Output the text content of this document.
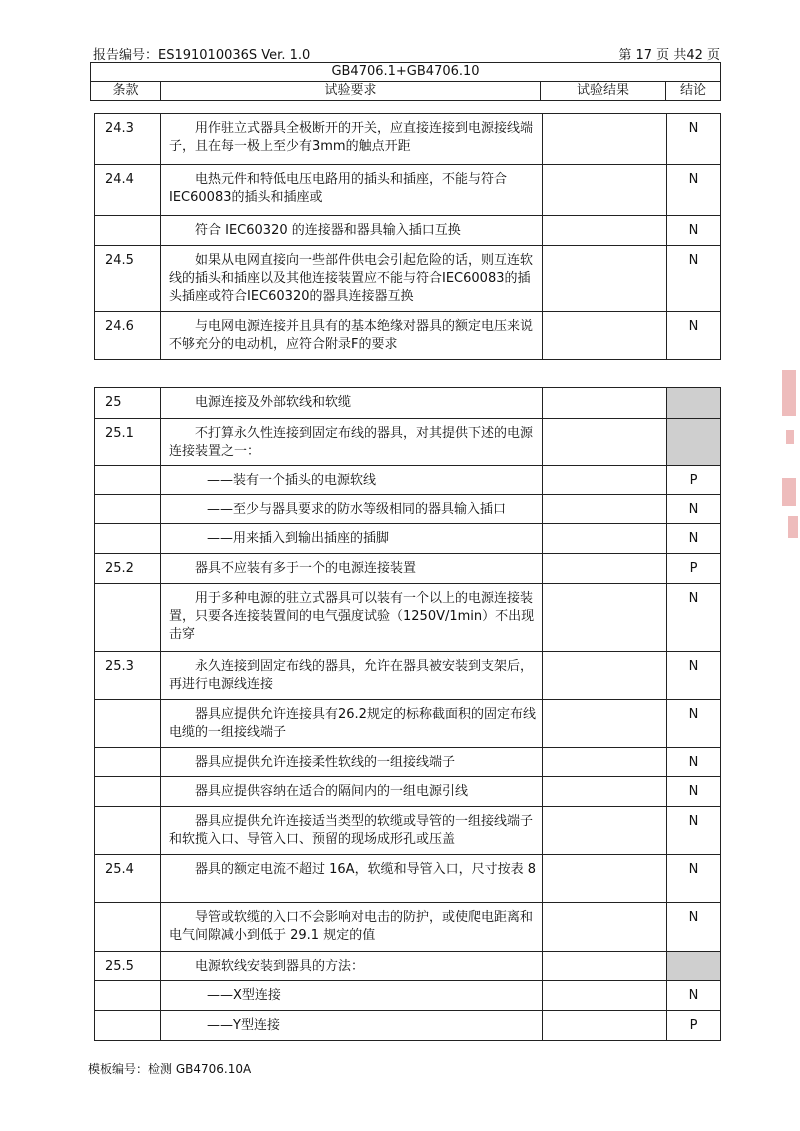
报告编号：ES191010036S Ver. 1.0	第 17 页 共42 页
GB4706.1+GB4706.10
条款	试验要求	试验结果	结论
24.3	用作驻立式器具全极断开的开关，应直接连接到电源接线端子，且在每一极上至少有3mm的触点开距		N
24.4	电热元件和特低电压电路用的插头和插座，不能与符合IEC60083的插头和插座或		N

	符合 IEC60320 的连接器和器具输入插口互换		N
24.5	如果从电网直接向一些部件供电会引起危险的话，则互连软线的插头和插座以及其他连接装置应不能与符合IEC60083的插头插座或符合IEC60320的器具连接器互换		N
24.6	与电网电源连接并且具有的基本绝缘对器具的额定电压来说不够充分的电动机，应符合附录F的要求		N
25	电源连接及外部软线和软缆		

25.1	不打算永久性连接到固定布线的器具，对其提供下述的电源连接装置之一：		

	——装有一个插头的电源软线		P

	——至少与器具要求的防水等级相同的器具输入插口		N

	——用来插入到输出插座的插脚		N
25.2	器具不应装有多于一个的电源连接装置		P

	用于多种电源的驻立式器具可以装有一个以上的电源连接装置，只要各连接装置间的电气强度试验（1250V/1min）不出现击穿		N
25.3	永久连接到固定布线的器具，允许在器具被安装到支架后，再进行电源线连接		N

	器具应提供允许连接具有26.2规定的标称截面积的固定布线电缆的一组接线端子		N

	器具应提供允许连接柔性软线的一组接线端子		N

	器具应提供容纳在适合的隔间内的一组电源引线		N

	器具应提供允许连接适当类型的软缆或导管的一组接线端子和软揽入口、导管入口、预留的现场成形孔或压盖		N
25.4	器具的额定电流不超过 16A，软缆和导管入口，尺寸按表 8		N

	导管或软缆的入口不会影响对电击的防护，或使爬电距离和电气间隙减小到低于 29.1 规定的值		N
25.5	电源软线安装到器具的方法：		

	——X型连接		N

	——Y型连接		P
模板编号：检测 GB4706.10A
